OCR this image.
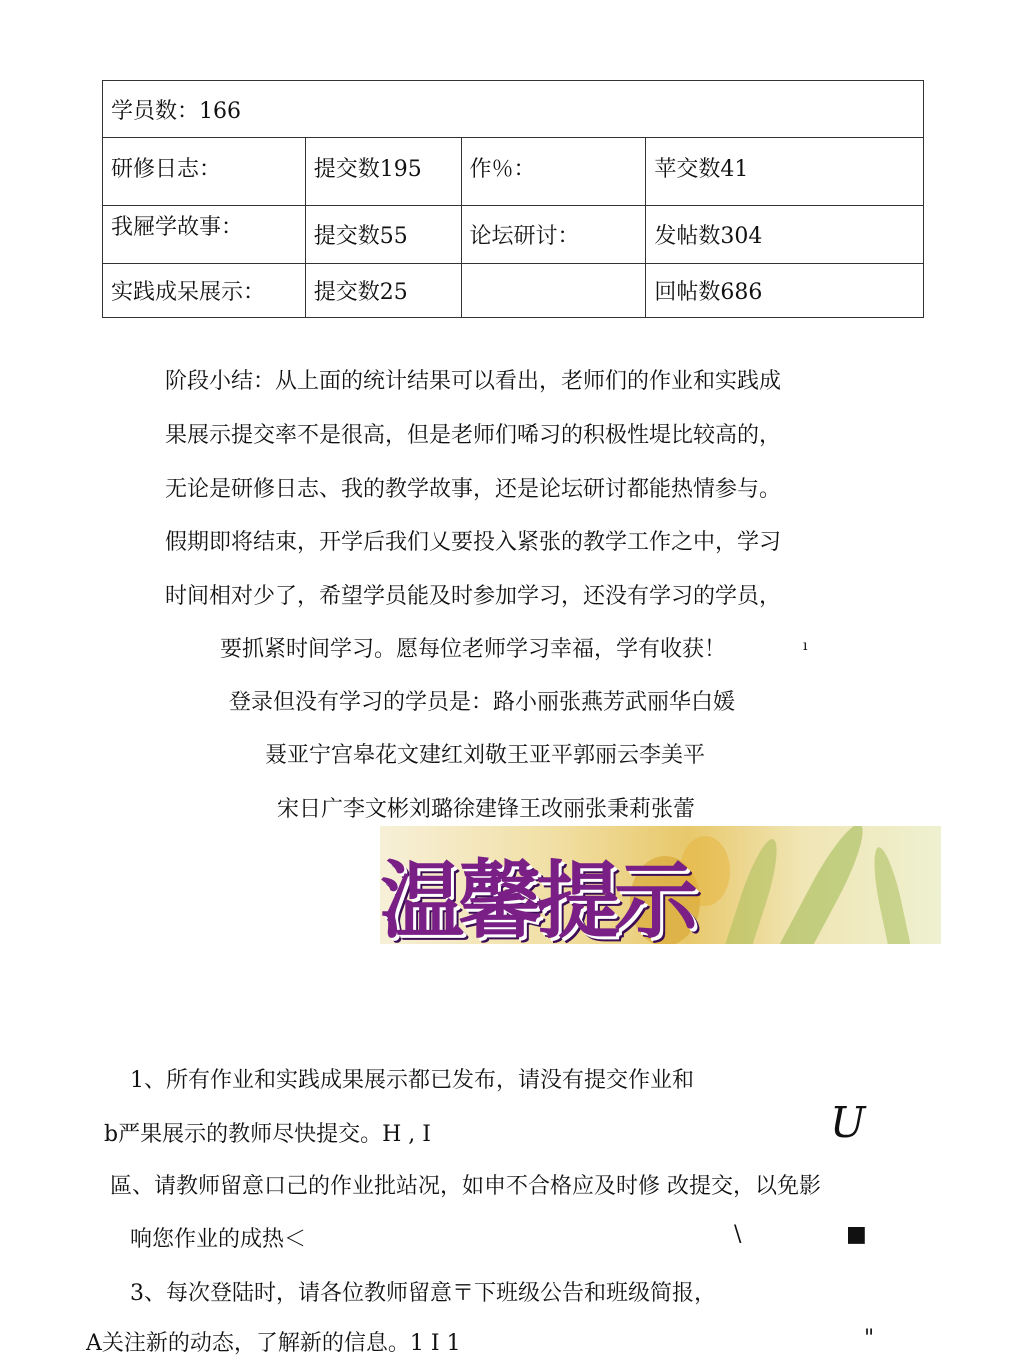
学员数：166			
研修日志：	提交数195	作％：	苹交数41
我屜学故事：	提交数55	论坛研讨：	发帖数304
实践成呆展示：	提交数25		回帖数686
阶段小结：从上面的统计结果可以看出，老师们的作业和实践成
果展示提交率不是很高，但是老师们唏习的积极性堤比较高的，
无论是研修日志、我的教学故事，还是论坛研讨都能热情参与。
假期即将结束，开学后我们乂要投入紧张的教学工作之中，学习
时间相对少了，希望学员能及时参加学习，还没有学习的学员，
要抓紧时间学习。愿每位老师学习幸福，学有收获！	ı
登录但没有学习的学员是：路小丽张燕芳武丽华白媛
聂亚宁宫皋花文建红刘敬王亚平郭丽云李美平
宋日广李文彬刘璐徐建锋王改丽张秉莉张蕾
温馨提示
1、所有作业和实践成果展示都已发布，请没有提交作业和
b严果展示的教师尽快提交。H , I	U
區、请教师留意口己的作业批站况，如申不合格应及时修 改提交，以免影
响您作业的成热＜	\	■
3、每次登陆时，请各位教师留意〒下班级公告和班级简报，
A关注新的动态，了解新的信息。1 I 1	"
